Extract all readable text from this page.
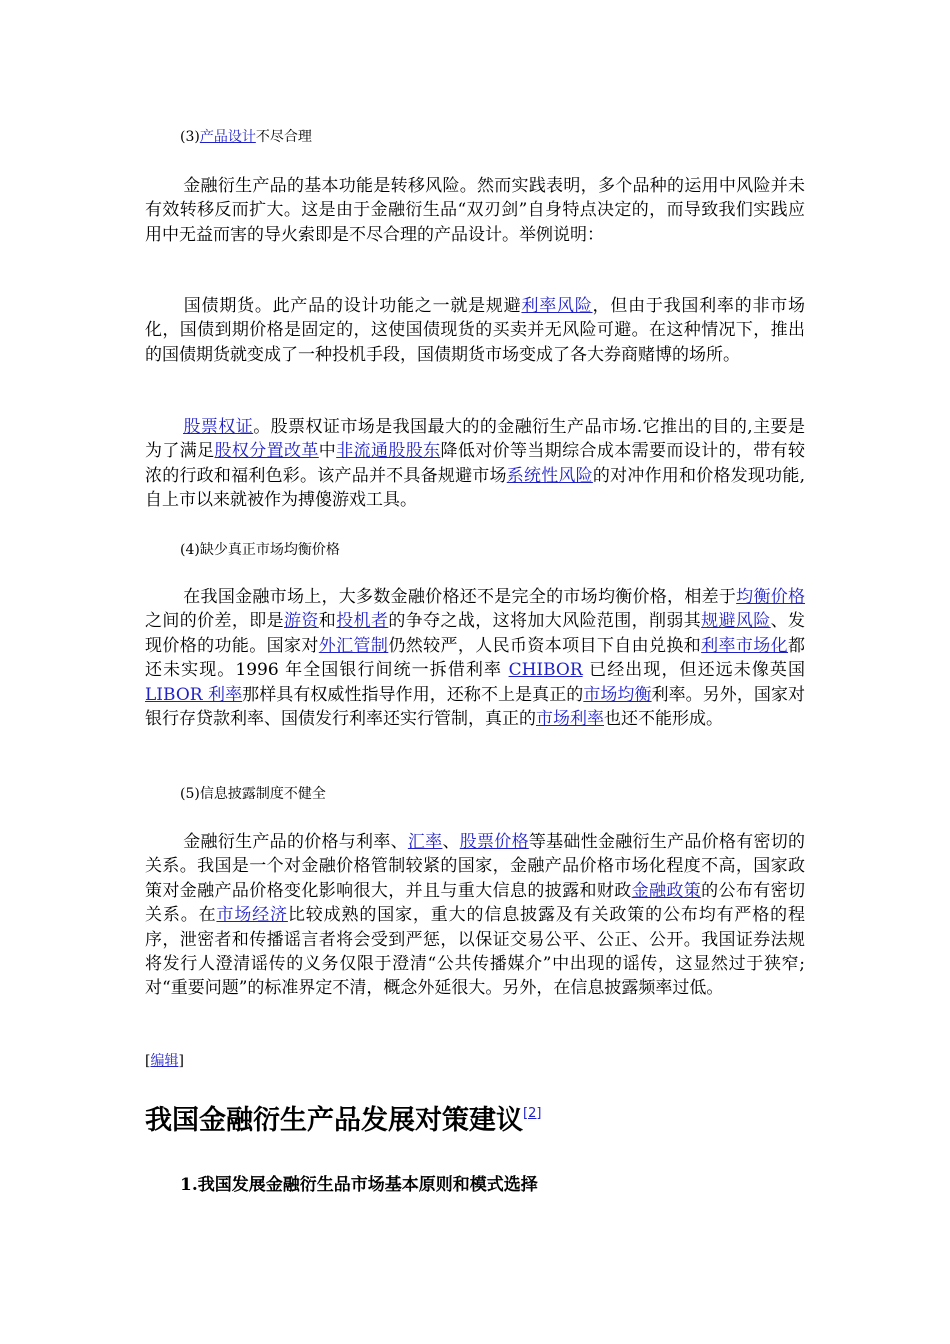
(3)产品设计不尽合理

金融衍生产品的基本功能是转移风险。然而实践表明，多个品种的运用中风险并未有效转移反而扩大。这是由于金融衍生品“双刃剑”自身特点决定的，而导致我们实践应用中无益而害的导火索即是不尽合理的产品设计。举例说明：

国债期货。此产品的设计功能之一就是规避利率风险，但由于我国利率的非市场化，国债到期价格是固定的，这使国债现货的买卖并无风险可避。在这种情况下，推出的国债期货就变成了一种投机手段，国债期货市场变成了各大券商赌博的场所。

股票权证。股票权证市场是我国最大的的金融衍生产品市场.它推出的目的,主要是为了满足股权分置改革中非流通股股东降低对价等当期综合成本需要而设计的，带有较浓的行政和福利色彩。该产品并不具备规避市场系统性风险的对冲作用和价格发现功能,自上市以来就被作为搏傻游戏工具。

(4)缺少真正市场均衡价格

在我国金融市场上，大多数金融价格还不是完全的市场均衡价格，相差于均衡价格之间的价差，即是游资和投机者的争夺之战，这将加大风险范围，削弱其规避风险、发现价格的功能。国家对外汇管制仍然较严，人民币资本项目下自由兑换和利率市场化都还未实现。1996 年全国银行间统一拆借利率 CHIBOR 已经出现，但还远未像英国 LIBOR 利率那样具有权威性指导作用，还称不上是真正的市场均衡利率。另外，国家对银行存贷款利率、国债发行利率还实行管制，真正的市场利率也还不能形成。

(5)信息披露制度不健全

金融衍生产品的价格与利率、汇率、股票价格等基础性金融衍生产品价格有密切的关系。我国是一个对金融价格管制较紧的国家，金融产品价格市场化程度不高，国家政策对金融产品价格变化影响很大，并且与重大信息的披露和财政金融政策的公布有密切关系。在市场经济比较成熟的国家，重大的信息披露及有关政策的公布均有严格的程序，泄密者和传播谣言者将会受到严惩，以保证交易公平、公正、公开。我国证券法规将发行人澄清谣传的义务仅限于澄清“公共传播媒介”中出现的谣传，这显然过于狭窄;对“重要问题”的标准界定不清，概念外延很大。另外，在信息披露频率过低。

[编辑]
我国金融衍生产品发展对策建议[2]
1.我国发展金融衍生品市场基本原则和模式选择
